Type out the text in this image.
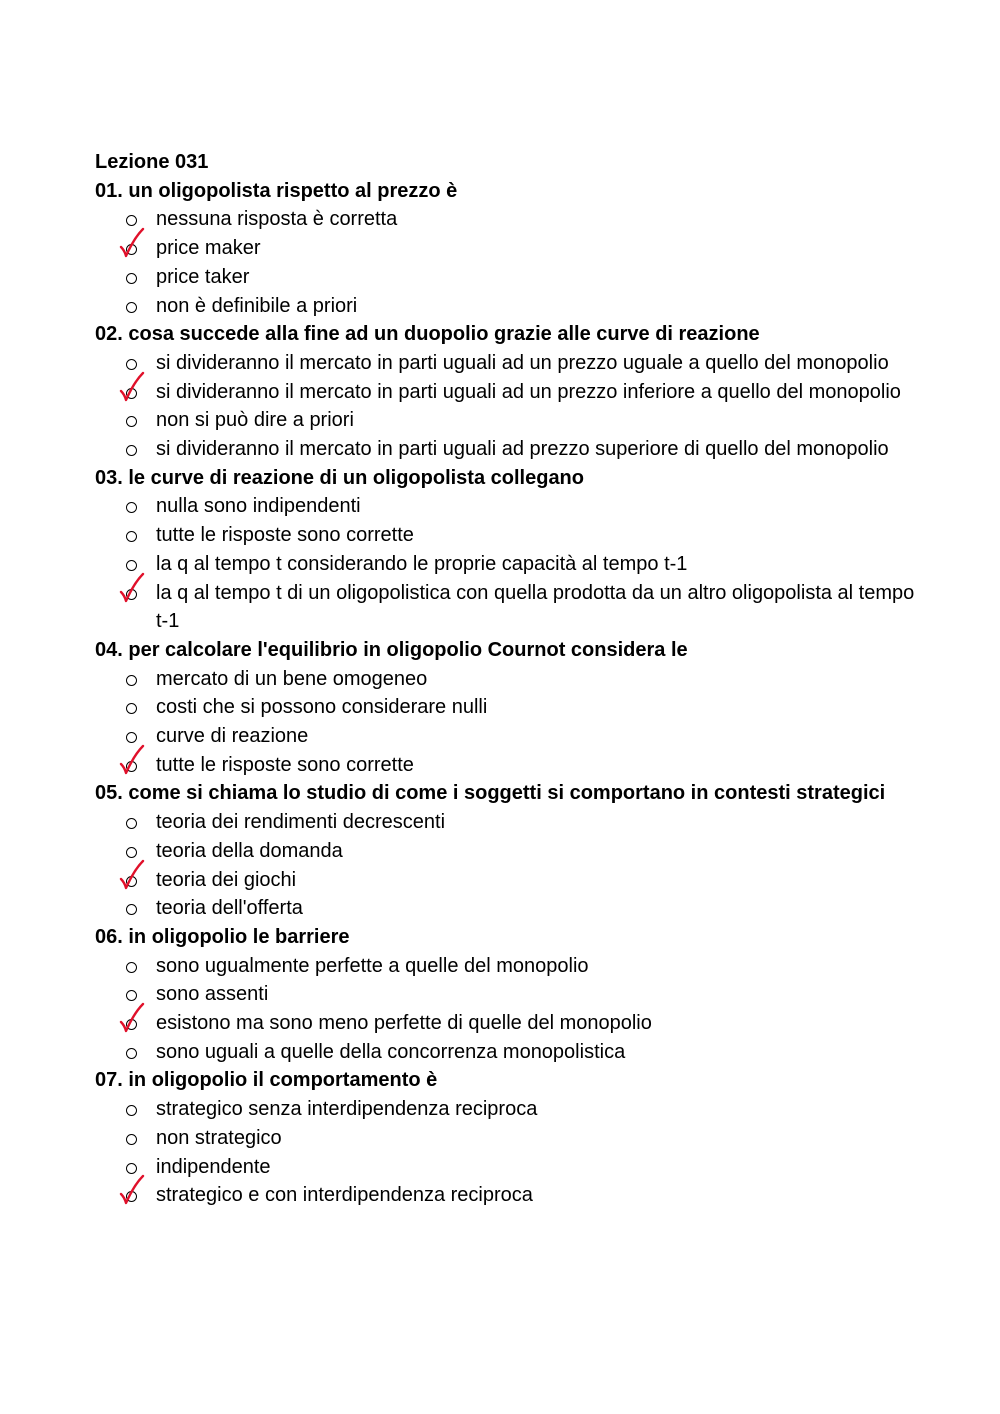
Lezione 031
01. un oligopolista rispetto al prezzo è
nessuna risposta è corretta
price maker
price taker
non è definibile a priori
02. cosa succede alla fine ad un duopolio grazie alle curve di reazione
si divideranno il mercato in parti uguali ad un prezzo uguale a quello del monopolio
si divideranno il mercato in parti uguali ad un prezzo inferiore a quello del monopolio
non si può dire a priori
si divideranno il mercato in parti uguali ad prezzo superiore di quello del monopolio
03. le curve di reazione di un oligopolista collegano
nulla sono indipendenti
tutte le risposte sono corrette
la q al tempo t considerando le proprie capacità al tempo t-1
la q al tempo t di un oligopolistica con quella prodotta da un altro oligopolista al tempo t-1
04. per calcolare l'equilibrio in oligopolio Cournot considera le
mercato di un bene omogeneo
costi che si possono considerare nulli
curve di reazione
tutte le risposte sono corrette
05. come si chiama lo studio di come i soggetti si comportano in contesti strategici
teoria dei rendimenti decrescenti
teoria della domanda
teoria dei giochi
teoria dell'offerta
06. in oligopolio le barriere
sono ugualmente perfette a quelle del monopolio
sono assenti
esistono ma sono meno perfette di quelle del monopolio
sono uguali a quelle della concorrenza monopolistica
07. in oligopolio il comportamento è
strategico senza interdipendenza reciproca
non strategico
indipendente
strategico e con interdipendenza reciproca
